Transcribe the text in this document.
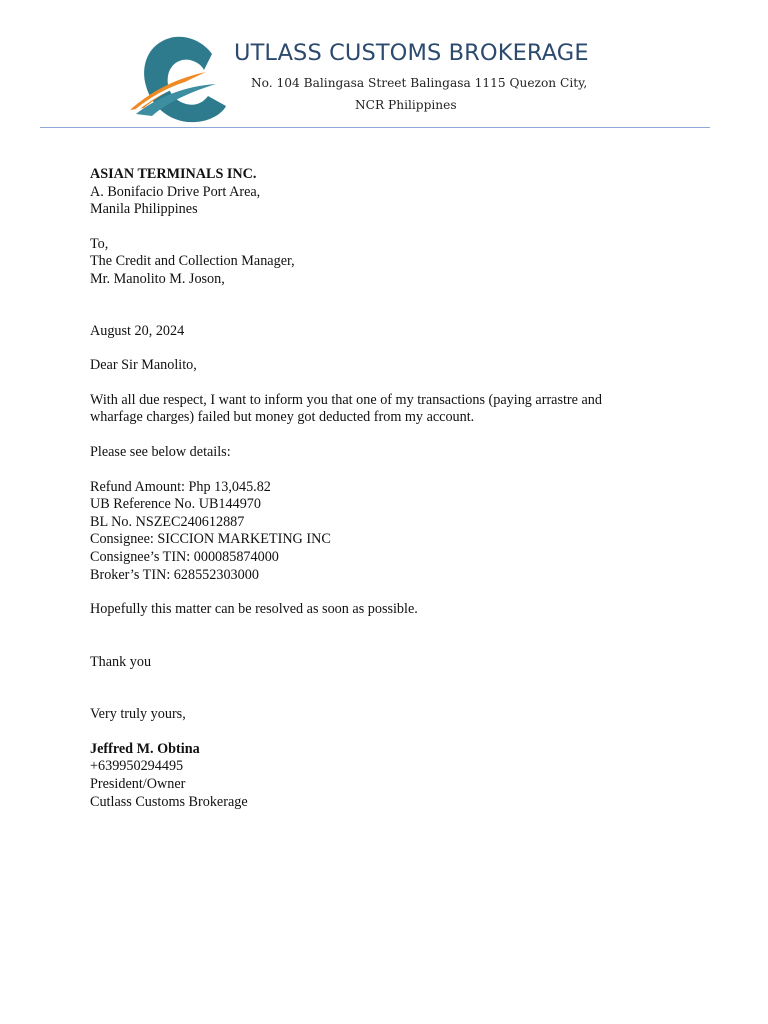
UTLASS CUSTOMS BROKERAGE
No. 104 Balingasa Street Balingasa 1115 Quezon City,
NCR Philippines
ASIAN TERMINALS INC.
A. Bonifacio Drive Port Area,
Manila Philippines
To,
The Credit and Collection Manager,
Mr. Manolito M. Joson,
August 20, 2024
Dear Sir Manolito,
With all due respect, I want to inform you that one of my transactions (paying arrastre and wharfage charges) failed but money got deducted from my account.
Please see below details:
Refund Amount: Php 13,045.82
UB Reference No. UB144970
BL No. NSZEC240612887
Consignee: SICCION MARKETING INC
Consignee’s TIN: 000085874000
Broker’s TIN: 628552303000
Hopefully this matter can be resolved as soon as possible.
Thank you
Very truly yours,
Jeffred M. Obtina
+639950294495
President/Owner
Cutlass Customs Brokerage
